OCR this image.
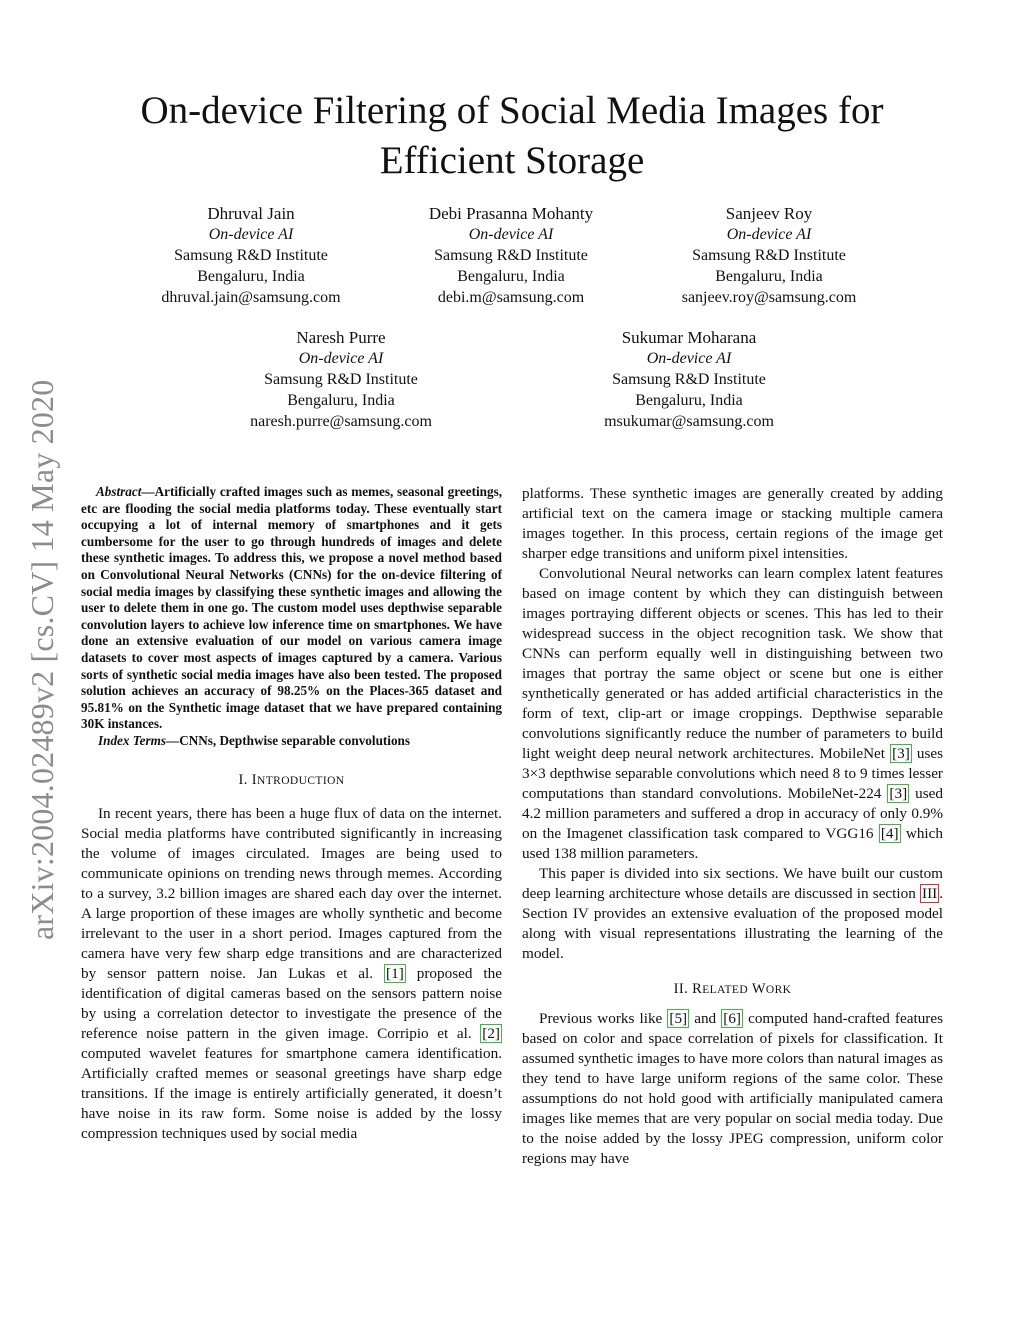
arXiv:2004.02489v2 [cs.CV] 14 May 2020
On-device Filtering of Social Media Images for
Efficient Storage
Dhruval Jain
On-device AI
Samsung R&D Institute
Bengaluru, India
dhruval.jain@samsung.com
Debi Prasanna Mohanty
On-device AI
Samsung R&D Institute
Bengaluru, India
debi.m@samsung.com
Sanjeev Roy
On-device AI
Samsung R&D Institute
Bengaluru, India
sanjeev.roy@samsung.com
Naresh Purre
On-device AI
Samsung R&D Institute
Bengaluru, India
naresh.purre@samsung.com
Sukumar Moharana
On-device AI
Samsung R&D Institute
Bengaluru, India
msukumar@samsung.com

Abstract—Artificially crafted images such as memes, seasonal greetings, etc are flooding the social media platforms today. These eventually start occupying a lot of internal memory of smartphones and it gets cumbersome for the user to go through hundreds of images and delete these synthetic images. To address this, we propose a novel method based on Convolutional Neural Networks (CNNs) for the on-device filtering of social media images by classifying these synthetic images and allowing the user to delete them in one go. The custom model uses depthwise separable convolution layers to achieve low inference time on smartphones. We have done an extensive evaluation of our model on various camera image datasets to cover most aspects of images captured by a camera. Various sorts of synthetic social media images have also been tested. The proposed solution achieves an accuracy of 98.25% on the Places-365 dataset and 95.81% on the Synthetic image dataset that we have prepared containing 30K instances.

Index Terms—CNNs, Depthwise separable convolutions

I. INTRODUCTION

In recent years, there has been a huge flux of data on the internet. Social media platforms have contributed significantly in increasing the volume of images circulated. Images are being used to communicate opinions on trending news through memes. According to a survey, 3.2 billion images are shared each day over the internet. A large proportion of these images are wholly synthetic and become irrelevant to the user in a short period. Images captured from the camera have very few sharp edge transitions and are characterized by sensor pattern noise. Jan Lukas et al. [1] proposed the identification of digital cameras based on the sensors pattern noise by using a correlation detector to investigate the presence of the reference noise pattern in the given image. Corripio et al. [2] computed wavelet features for smartphone camera identification. Artificially crafted memes or seasonal greetings have sharp edge transitions. If the image is entirely artificially generated, it doesn’t have noise in its raw form. Some noise is added by the lossy compression techniques used by social media

platforms. These synthetic images are generally created by adding artificial text on the camera image or stacking multiple camera images together. In this process, certain regions of the image get sharper edge transitions and uniform pixel intensities.

Convolutional Neural networks can learn complex latent features based on image content by which they can distinguish between images portraying different objects or scenes. This has led to their widespread success in the object recognition task. We show that CNNs can perform equally well in distinguishing between two images that portray the same object or scene but one is either synthetically generated or has added artificial characteristics in the form of text, clip-art or image croppings. Depthwise separable convolutions significantly reduce the number of parameters to build light weight deep neural network architectures. MobileNet [3] uses 3×3 depthwise separable convolutions which need 8 to 9 times lesser computations than standard convolutions. MobileNet-224 [3] used 4.2 million parameters and suffered a drop in accuracy of only 0.9% on the Imagenet classification task compared to VGG16 [4] which used 138 million parameters.

This paper is divided into six sections. We have built our custom deep learning architecture whose details are discussed in section III . Section IV provides an extensive evaluation of the proposed model along with visual representations illustrating the learning of the model.

II. RELATED WORK

Previous works like [5] and [6] computed hand-crafted features based on color and space correlation of pixels for classification. It assumed synthetic images to have more colors than natural images as they tend to have large uniform regions of the same color. These assumptions do not hold good with artificially manipulated camera images like memes that are very popular on social media today. Due to the noise added by the lossy JPEG compression, uniform color regions may have
